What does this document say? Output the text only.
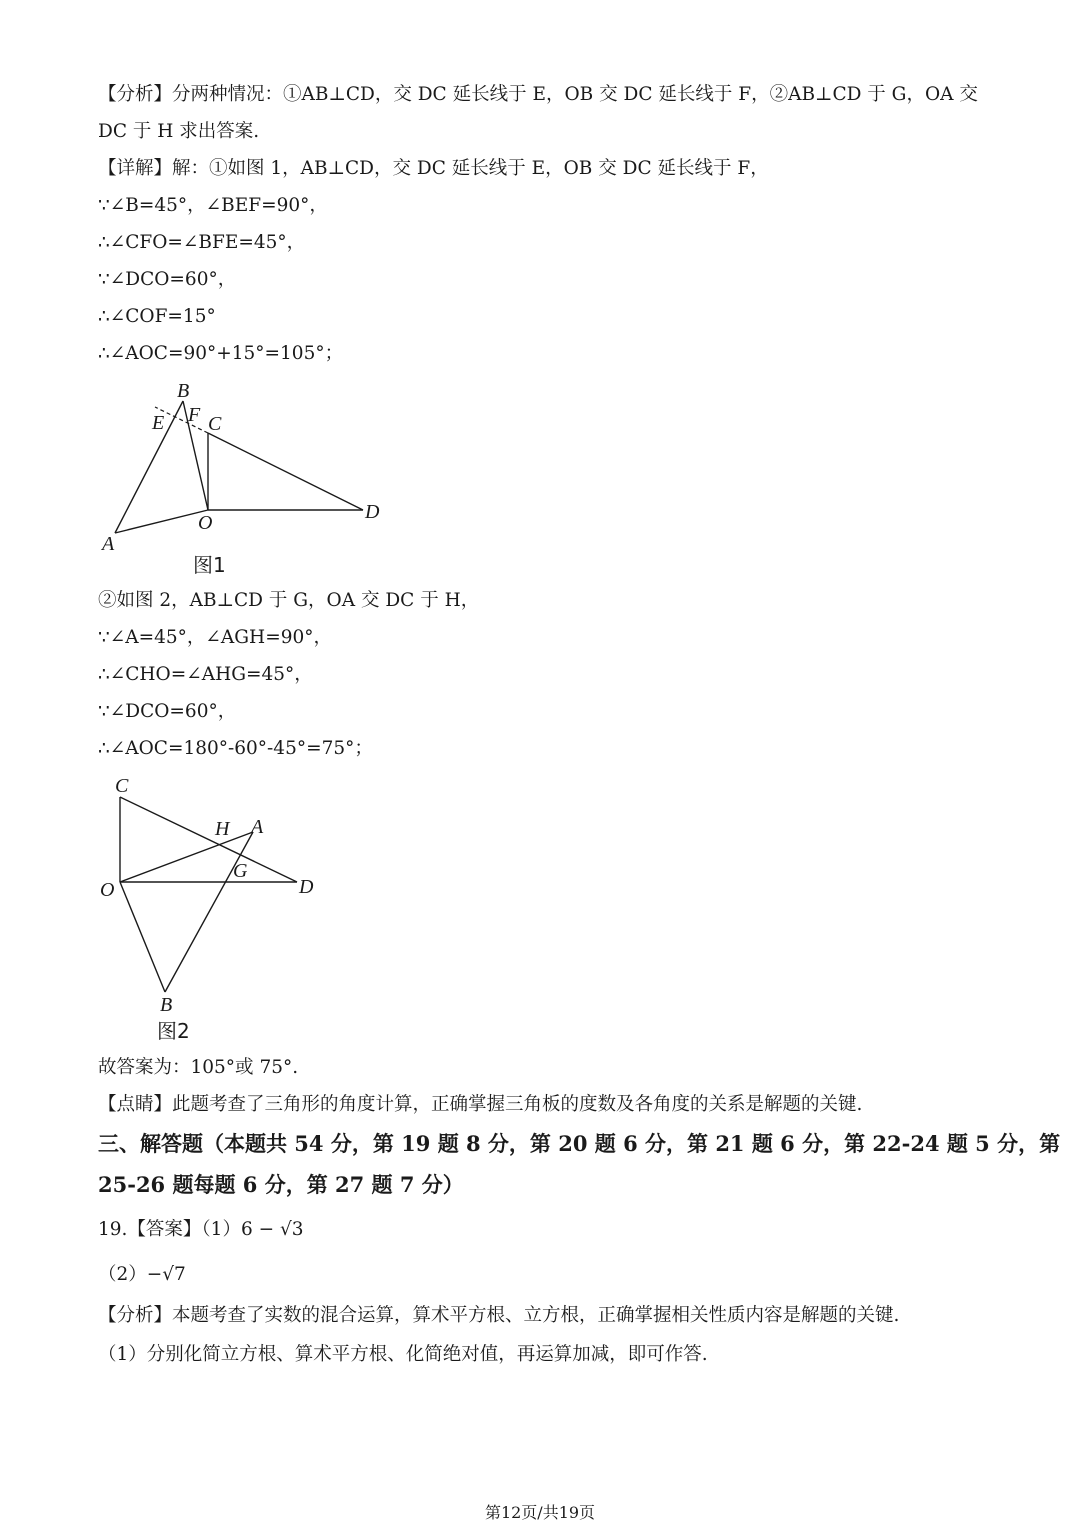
【分析】分两种情况：①AB⊥CD，交 DC 延长线于 E，OB 交 DC 延长线于 F，②AB⊥CD 于 G，OA 交
DC 于 H 求出答案.
【详解】解：①如图 1，AB⊥CD，交 DC 延长线于 E，OB 交 DC 延长线于 F，
∵∠B=45°，∠BEF=90°，
∴∠CFO=∠BFE=45°，
∵∠DCO=60°，
∴∠COF=15°
∴∠AOC=90°+15°=105°；
B
E F C
O	D
A
图1
②如图 2，AB⊥CD 于 G，OA 交 DC 于 H，
∵∠A=45°，∠AGH=90°，
∴∠CHO=∠AHG=45°，
∵∠DCO=60°，
∴∠AOC=180°-60°-45°=75°；
C
H A
G
O	D
B
图2
故答案为：105°或 75°.
【点睛】此题考查了三角形的角度计算，正确掌握三角板的度数及各角度的关系是解题的关键.
三、解答题（本题共 54 分，第 19 题 8 分，第 20 题 6 分，第 21 题 6 分，第 22-24 题 5 分，第
25-26 题每题 6 分，第 27 题 7 分）
19.【答案】（1）6 − √3
（2）−√7
【分析】本题考查了实数的混合运算，算术平方根、立方根，正确掌握相关性质内容是解题的关键.
（1）分别化简立方根、算术平方根、化简绝对值，再运算加减，即可作答.
第12页/共19页
